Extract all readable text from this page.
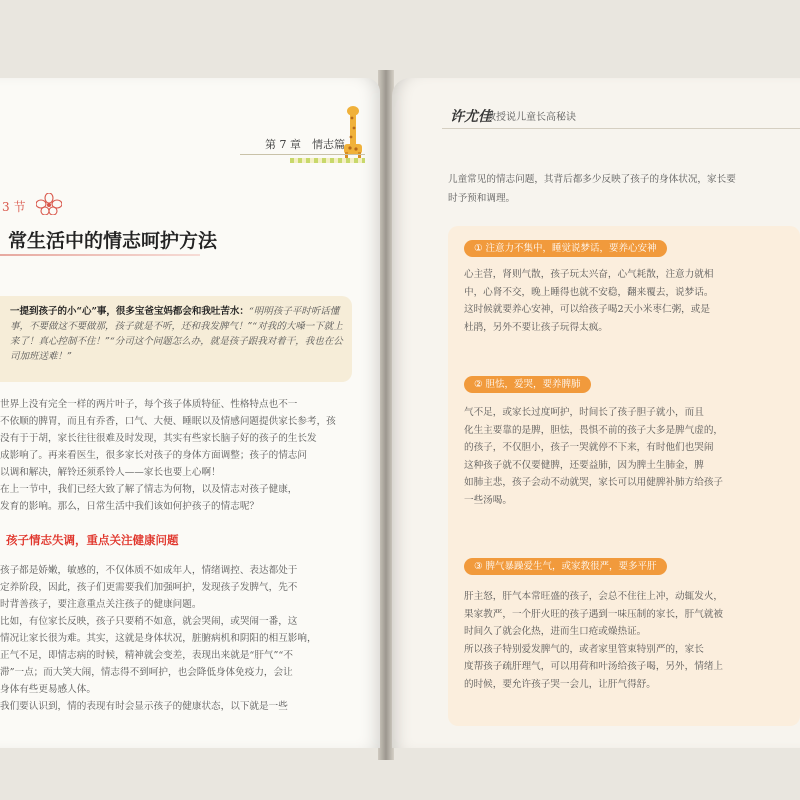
第 7 章　情志篇
3 节
常生活中的情志呵护方法
一提到孩子的小“心”事，很多宝爸宝妈都会和我吐苦水：“明明孩子平时听话懂事，不要做这不要做那，孩子就是不听，还和我发脾气！”“对我的大嗓一下就上来了！真心控制不住！”“分司这个问题怎么办，就是孩子跟我对着干，我也在公司加班送难！”
世界上没有完全一样的两片叶子，每个孩子体质特征、性格特点也不一
不依顺的脾胃，而且有乔香，口气、大便、睡眠以及情感问题提供家长参考，孩
没有于于胡，家长往往很难及时发现，其实有些家长脑子好的孩子的生长发
成影响了。再来看医生，很多家长对孩子的身体方面调整；孩子的情志问
以调和解决，解铃还须系铃人——家长也要上心啊！
在上一节中，我们已经大致了解了情志为何物，以及情志对孩子健康，
发育的影响。那么，日常生活中我们该如何护孩子的情志呢？
孩子情志失调，重点关注健康问题
孩子都是娇嫩，敏感的，不仅体质不如成年人，情绪调控、表达都处于
定养阶段，因此，孩子们更需要我们加强呵护，发现孩子发脾气，先不
时背善孩子，要注意重点关注孩子的健康问题。
比如，有位家长反映，孩子只要稍不如意，就会哭闹，或哭闹一番，这
情况让家长很为难。其实，这就是身体状况，脏腑病机和阴阳的相互影响，
正气不足，即情志病的时候，精神就会变差，表现出来就是“肝气”“不
滞”一点；而大笑大闹，情志得不到呵护，也会降低身体免疫力，会让
身体有些更易感人体。
我们要认识到，情的表现有时会显示孩子的健康状态，以下就是一些
许尤佳
教授说儿童长高秘诀
儿童常见的情志问题，其背后都多少反映了孩子的身体状况，家长要
时予预和调理。
① 注意力不集中，睡觉说梦话，要养心安神
心主营，肾则气散，孩子玩太兴奋，心气耗散，注意力就相
中，心肾不交，晚上睡得也就不安稳，翻来覆去，说梦话。
这时候就要养心安神，可以给孩子喝2天小米枣仁粥，或是
杜鹃，另外不要让孩子玩得太疯。
② 胆怯，爱哭，要养脾肺
气不足，或家长过度呵护，时间长了孩子胆子就小，而且
化生主要靠的是脾，胆怯，畏惧不前的孩子大多是脾气虚的，
的孩子，不仅胆小，孩子一哭就停不下来，有时他们也哭闹
这种孩子就不仅要健脾，还要益肺，因为脾土生肺金，脾
如肺主悲，孩子会动不动就哭，家长可以用健脾补肺方给孩子
一些汤喝。
③ 脾气暴躁爱生气，或家教很严，要多平肝
肝主怒，肝气本常旺盛的孩子，会总不住往上冲，动辄发火，
果家教严，一个肝火旺的孩子遇到一味压制的家长，肝气就被
时间久了就会化热，进而生口疮或燥热证。
所以孩子特别爱发脾气的，或者家里管束特别严的，家长
度帮孩子疏肝理气，可以用荷和叶汤给孩子喝，另外，情绪上
的时候，要允许孩子哭一会儿，让肝气得舒。
